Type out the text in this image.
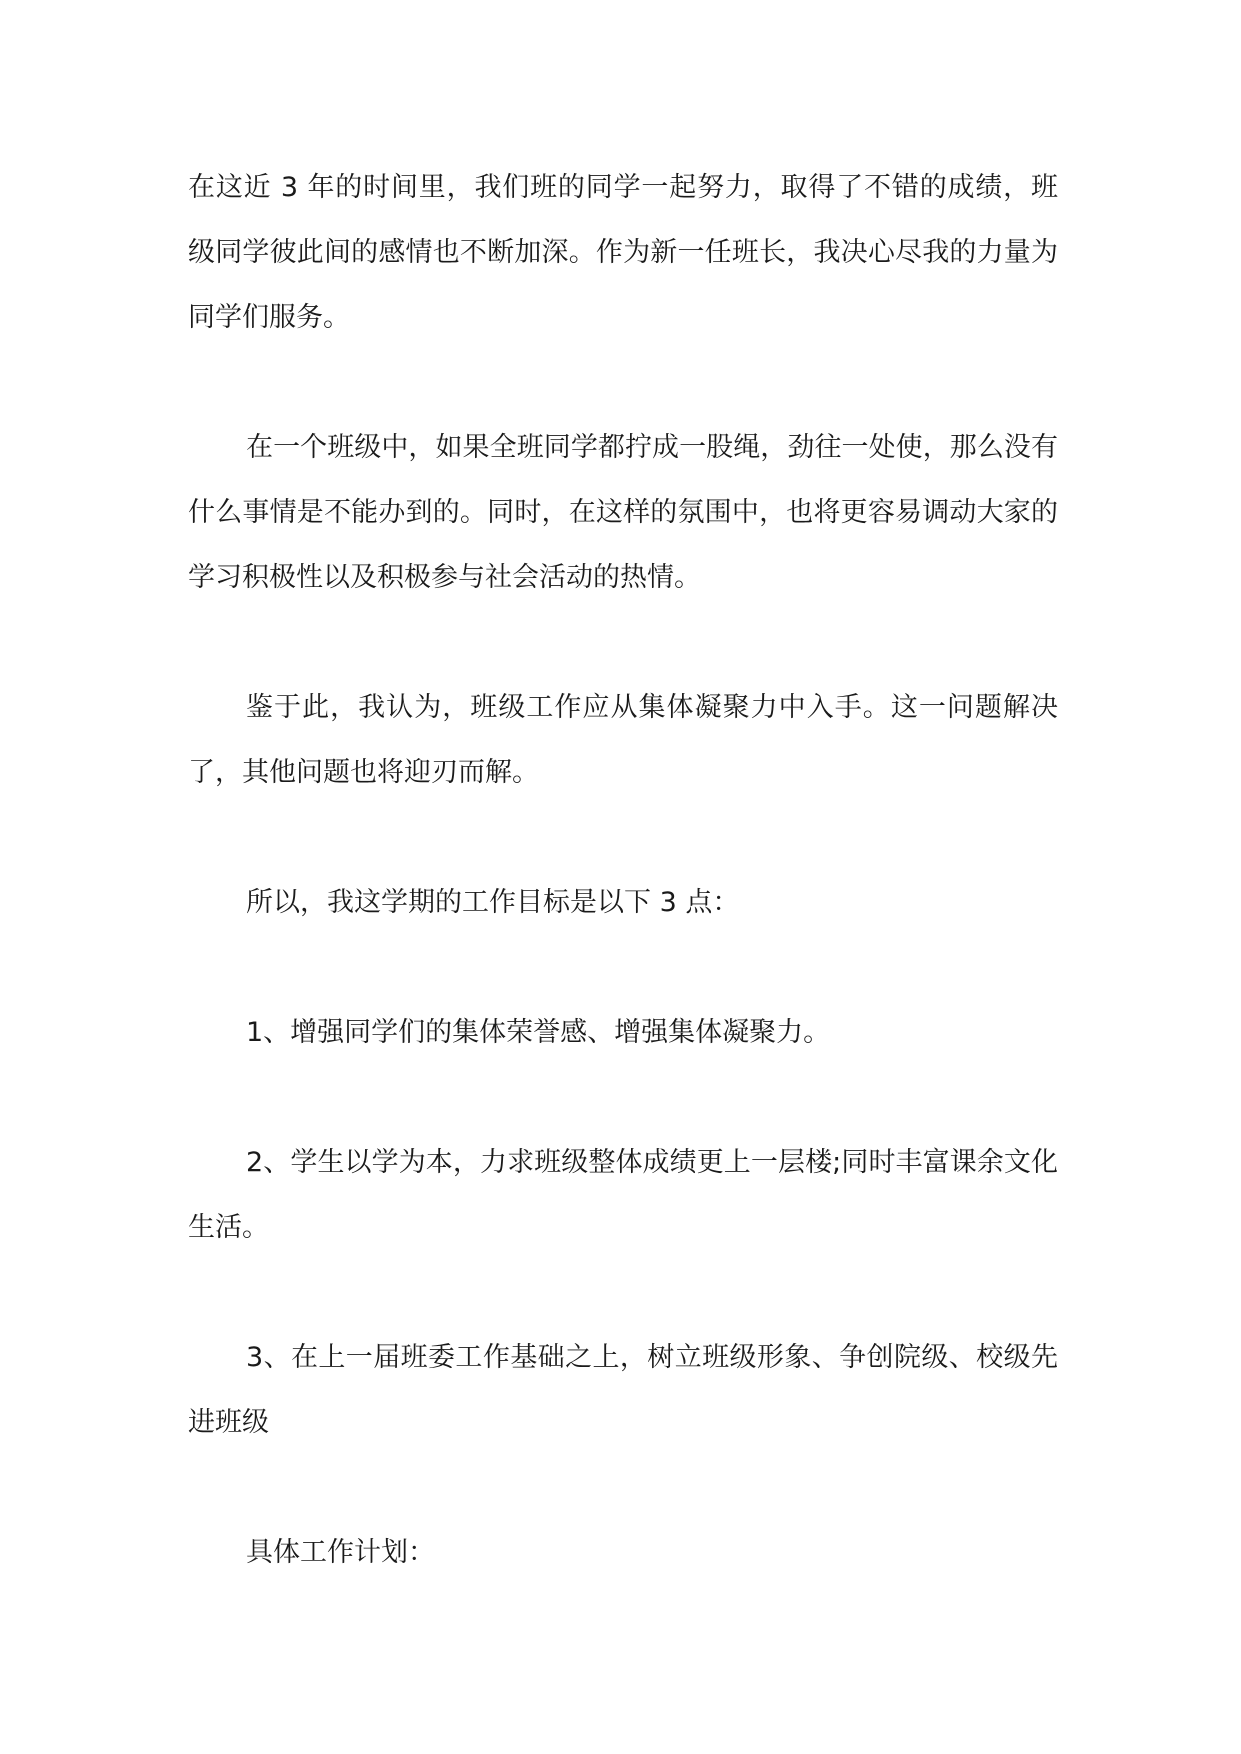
在这近 3 年的时间里，我们班的同学一起努力，取得了不错的成绩，班级同学彼此间的感情也不断加深。作为新一任班长，我决心尽我的力量为同学们服务。

在一个班级中，如果全班同学都拧成一股绳，劲往一处使，那么没有什么事情是不能办到的。同时，在这样的氛围中，也将更容易调动大家的学习积极性以及积极参与社会活动的热情。

鉴于此，我认为，班级工作应从集体凝聚力中入手。这一问题解决了，其他问题也将迎刃而解。

所以，我这学期的工作目标是以下 3 点：

1、增强同学们的集体荣誉感、增强集体凝聚力。

2、学生以学为本，力求班级整体成绩更上一层楼;同时丰富课余文化生活。

3、在上一届班委工作基础之上，树立班级形象、争创院级、校级先进班级

具体工作计划：
